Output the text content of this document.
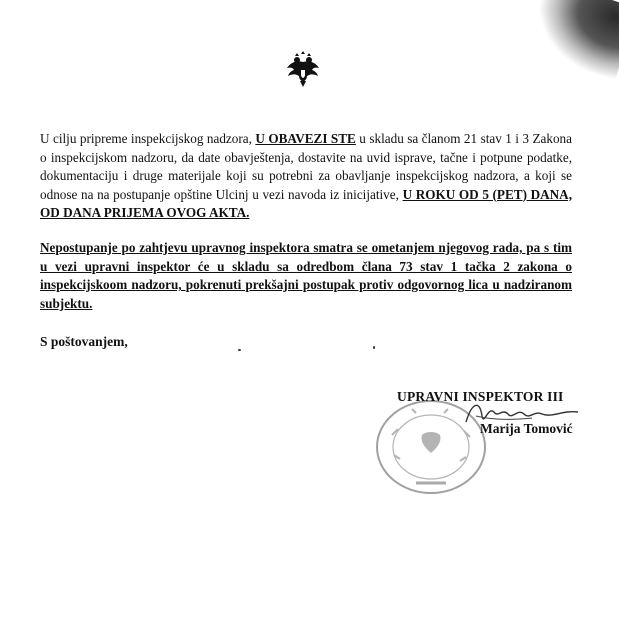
U cilju pripreme inspekcijskog nadzora, U OBAVEZI STE u skladu sa članom 21 stav 1 i 3 Zakona o inspekcijskom nadzoru, da date obavještenja, dostavite na uvid isprave, tačne i potpune podatke, dokumentaciju i druge materijale koji su potrebni za obavljanje inspekcijskog nadzora, a koji se odnose na na postupanje opštine Ulcinj u vezi navoda iz inicijative, U ROKU OD 5 (PET) DANA, OD DANA PRIJEMA OVOG AKTA.
Nepostupanje po zahtjevu upravnog inspektora smatra se ometanjem njegovog rada, pa s tim u vezi upravni inspektor će u skladu sa odredbom člana 73 stav 1 tačka 2 zakona o inspekcijskoom nadzoru, pokrenuti prekšajni postupak protiv odgovornog lica u nadziranom subjektu.
S poštovanjem,
UPRAVNI INSPEKTOR III
Marija Tomović
